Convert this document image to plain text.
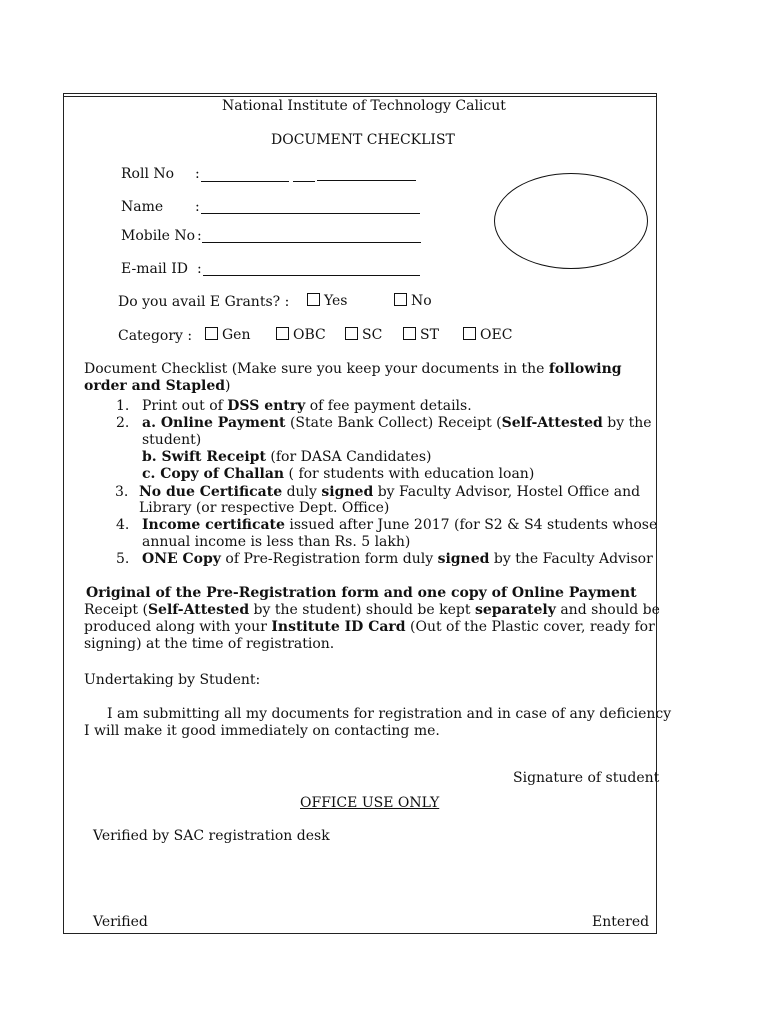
National Institute of Technology Calicut
DOCUMENT CHECKLIST
Roll No :
Name :
Mobile No :
E-mail ID :
Do you avail E Grants? :	Yes	No
Category :	Gen	OBC	SC	ST	OEC
Document Checklist (Make sure you keep your documents in the following
order and Stapled)
1. Print out of DSS entry of fee payment details.
2. a. Online Payment (State Bank Collect) Receipt (Self-Attested by the
student)
b. Swift Receipt (for DASA Candidates)
c. Copy of Challan ( for students with education loan)
3. No due Certificate duly signed by Faculty Advisor, Hostel Office and
Library (or respective Dept. Office)
4. Income certificate issued after June 2017 (for S2 & S4 students whose
annual income is less than Rs. 5 lakh)
5. ONE Copy of Pre-Registration form duly signed by the Faculty Advisor
Original of the Pre-Registration form and one copy of Online Payment
Receipt (Self-Attested by the student) should be kept separately and should be
produced along with your Institute ID Card (Out of the Plastic cover, ready for
signing) at the time of registration.
Undertaking by Student:
I am submitting all my documents for registration and in case of any deficiency
I will make it good immediately on contacting me.
Signature of student
OFFICE USE ONLY
Verified by SAC registration desk
Verified	Entered
